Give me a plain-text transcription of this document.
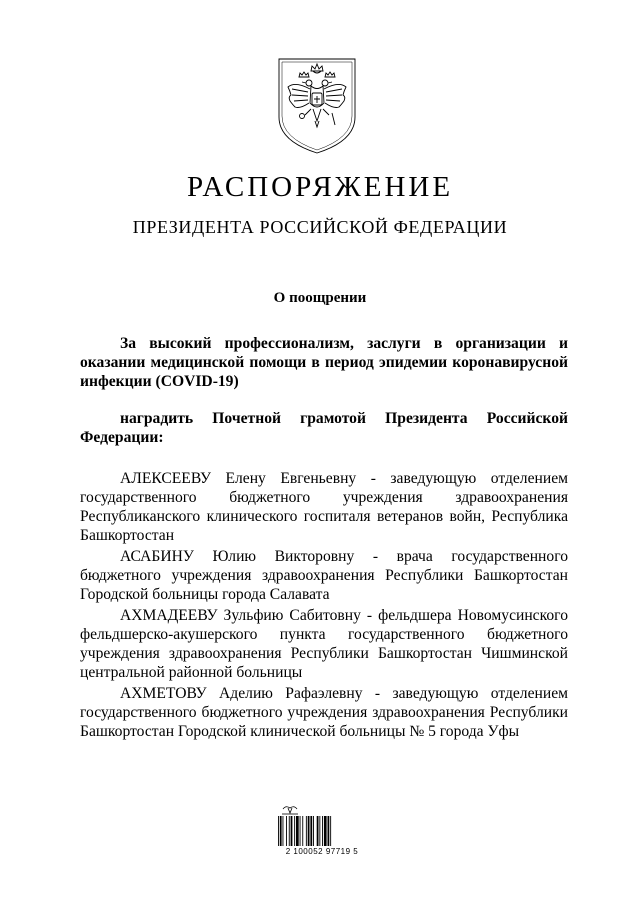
РАСПОРЯЖЕНИЕ
ПРЕЗИДЕНТА РОССИЙСКОЙ ФЕДЕРАЦИИ
О поощрении
За высокий профессионализм, заслуги в организации и оказании медицинской помощи в период эпидемии коронавирусной инфекции (COVID-19)
наградить Почетной грамотой Президента Российской Федерации:

АЛЕКСЕЕВУ Елену Евгеньевну - заведующую отделением государственного бюджетного учреждения здравоохранения Республиканского клинического госпиталя ветеранов войн, Республика Башкортостан

АСАБИНУ Юлию Викторовну - врача государственного бюджетного учреждения здравоохранения Республики Башкортостан Городской больницы города Салавата

АХМАДЕЕВУ Зульфию Сабитовну - фельдшера Новомусинского фельдшерско-акушерского пункта государственного бюджетного учреждения здравоохранения Республики Башкортостан Чишминской центральной районной больницы

АХМЕТОВУ Аделию Рафаэлевну - заведующую отделением государственного бюджетного учреждения здравоохранения Республики Башкортостан Городской клинической больницы № 5 города Уфы

2 100052 97719 5
